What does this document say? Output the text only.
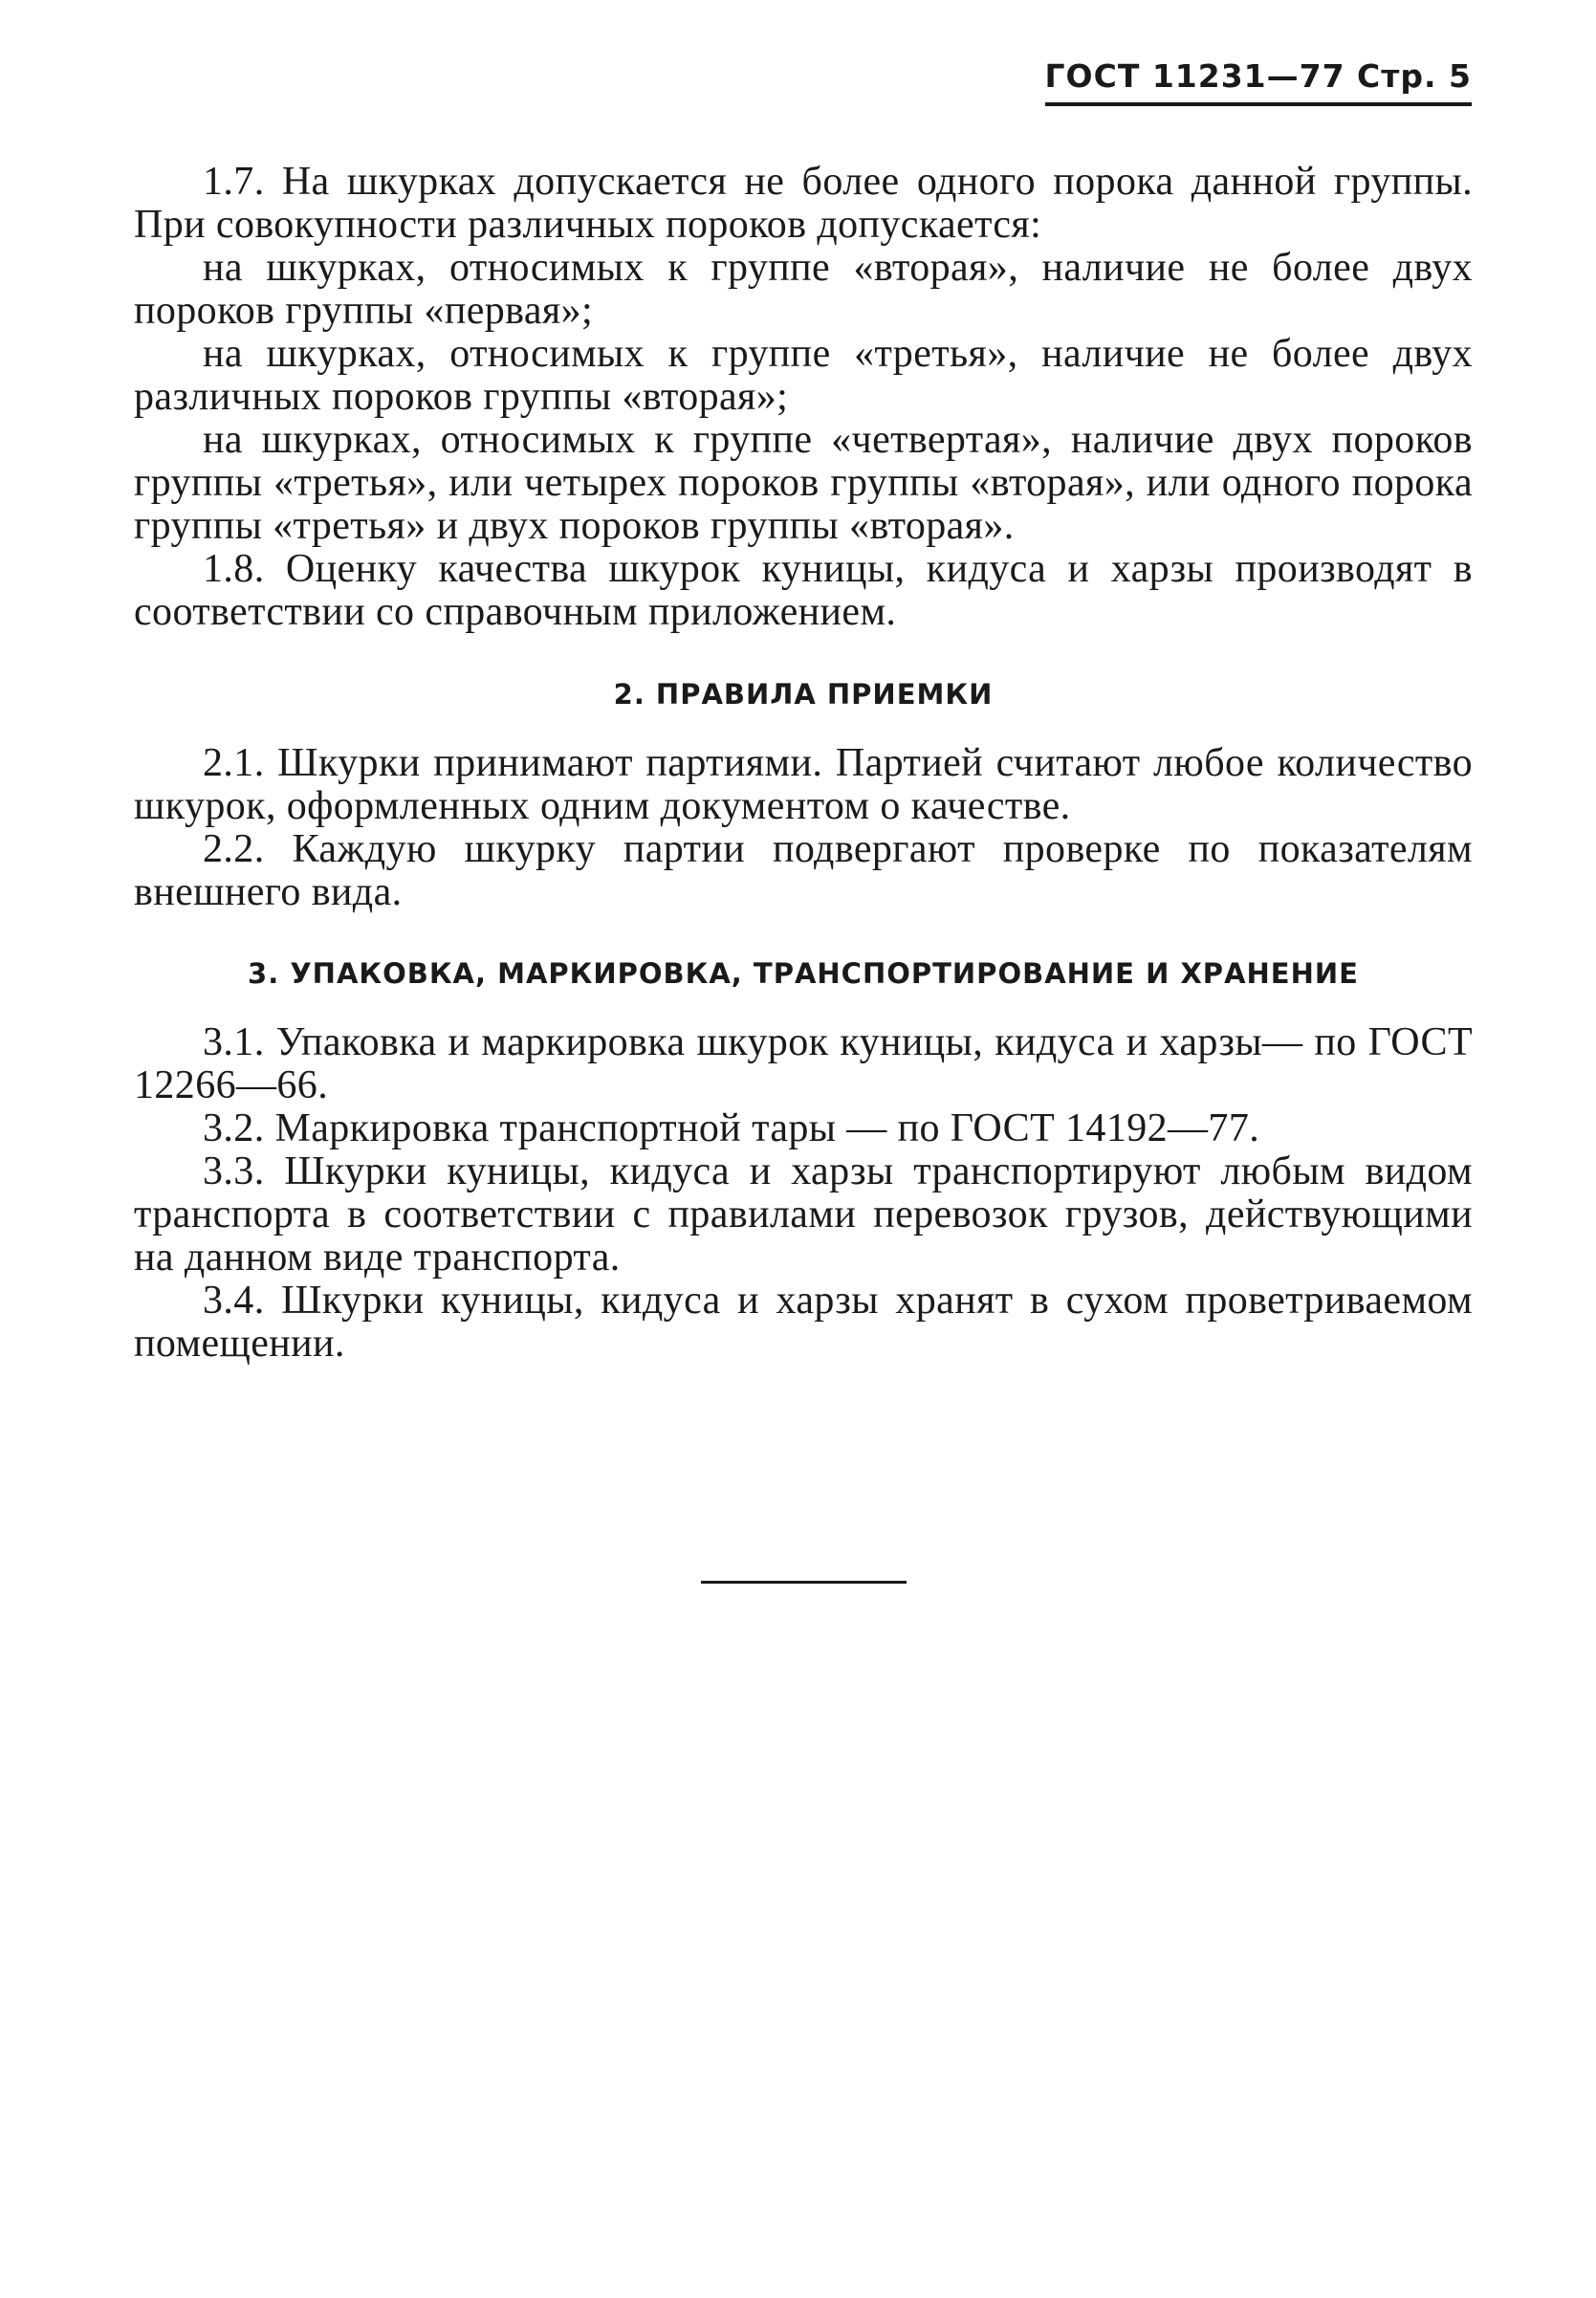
ГОСТ 11231—77 Стр. 5

1.7. На шкурках допускается не более одного порока данной группы. При совокупности различных пороков допускается:

на шкурках, относимых к группе «вторая», наличие не более двух пороков группы «первая»;

на шкурках, относимых к группе «третья», наличие не более двух различных пороков группы «вторая»;

на шкурках, относимых к группе «четвертая», наличие двух пороков группы «третья», или четырех пороков группы «вторая», или одного порока группы «третья» и двух пороков группы «вторая».

1.8. Оценку качества шкурок куницы, кидуса и харзы производят в соответствии со справочным приложением.

2. ПРАВИЛА ПРИЕМКИ

2.1. Шкурки принимают партиями. Партией считают любое количество шкурок, оформленных одним документом о качестве.

2.2. Каждую шкурку партии подвергают проверке по показателям внешнего вида.

3. УПАКОВКА, МАРКИРОВКА, ТРАНСПОРТИРОВАНИЕ И ХРАНЕНИЕ

3.1. Упаковка и маркировка шкурок куницы, кидуса и харзы— по ГОСТ 12266—66.

3.2. Маркировка транспортной тары — по ГОСТ 14192—77.

3.3. Шкурки куницы, кидуса и харзы транспортируют любым видом транспорта в соответствии с правилами перевозок грузов, действующими на данном виде транспорта.

3.4. Шкурки куницы, кидуса и харзы хранят в сухом проветриваемом помещении.
